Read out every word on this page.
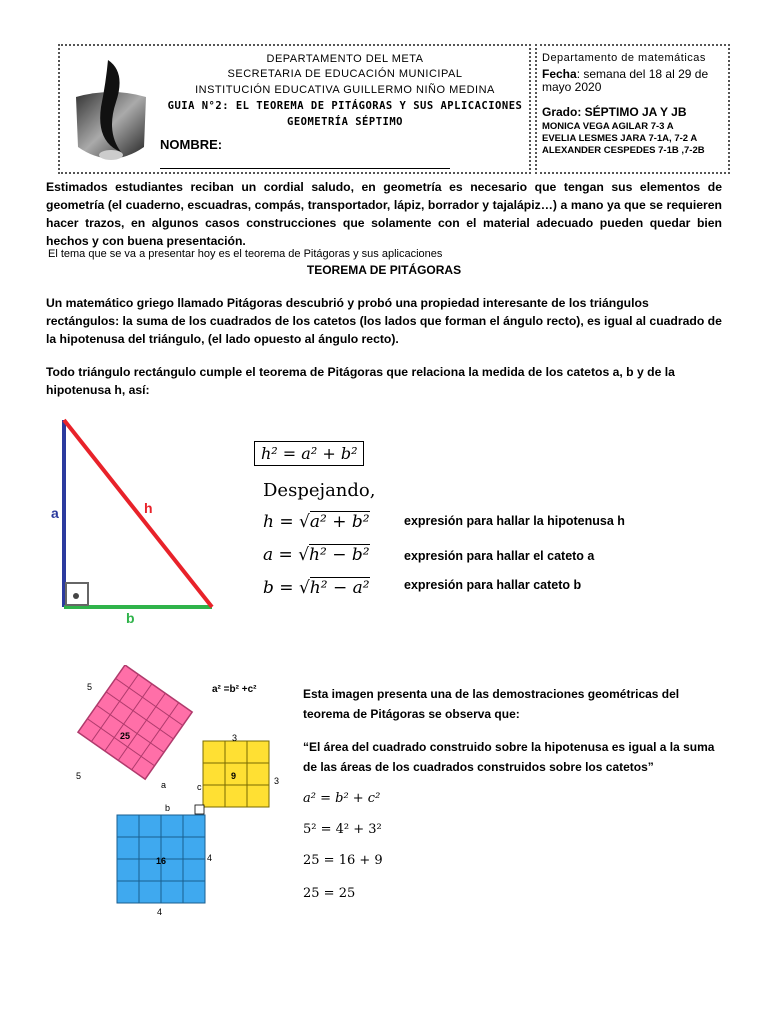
DEPARTAMENTO DEL META
SECRETARIA DE EDUCACIÓN MUNICIPAL
INSTITUCIÓN EDUCATIVA GUILLERMO NIÑO MEDINA
GUIA N°2: EL TEOREMA DE PITÁGORAS Y SUS APLICACIONES
GEOMETRÍA SÉPTIMO
NOMBRE:
Departamento de matemáticas
Fecha: semana del 18 al 29 de mayo 2020
Grado: SÉPTIMO JA Y JB
MONICA VEGA AGILAR 7-3 A
EVELIA LESMES JARA 7-1A, 7-2 A
ALEXANDER CESPEDES 7-1B ,7-2B
Estimados estudiantes reciban un cordial saludo, en geometría es necesario que tengan sus elementos de geometría (el cuaderno, escuadras, compás, transportador, lápiz, borrador y tajalápiz…) a mano ya que se requieren hacer trazos, en algunos casos construcciones que solamente con el material adecuado pueden quedar bien hechos y con buena presentación.
El tema que se va a presentar hoy es el teorema de Pitágoras y sus aplicaciones
TEOREMA DE PITÁGORAS
Un matemático griego llamado Pitágoras descubrió y probó una propiedad interesante de los triángulos rectángulos: la suma de los cuadrados de los catetos (los lados que forman el ángulo recto), es igual al cuadrado de la hipotenusa del triángulo, (el lado opuesto al ángulo recto).
Todo triángulo rectángulo cumple el teorema de Pitágoras que relaciona la medida de los catetos a, b y de la hipotenusa h, así:
a
b
h
h² = a² + b²
Despejando,
h = √a² + b²	expresión para hallar la hipotenusa h
a = √h² − b²	expresión para hallar el cateto a
b = √h² − a²	expresión para hallar cateto b
a² =b² +c²
25
5
5	9
3
3
16	4
4
a
b
c
Esta imagen presenta una de las demostraciones geométricas del teorema de Pitágoras se observa que:
“El área del cuadrado construido sobre la hipotenusa es igual a la suma de las áreas de los cuadrados construidos sobre los catetos”
a² = b² + c²
5² = 4² + 3²
25 = 16 + 9
25 = 25
